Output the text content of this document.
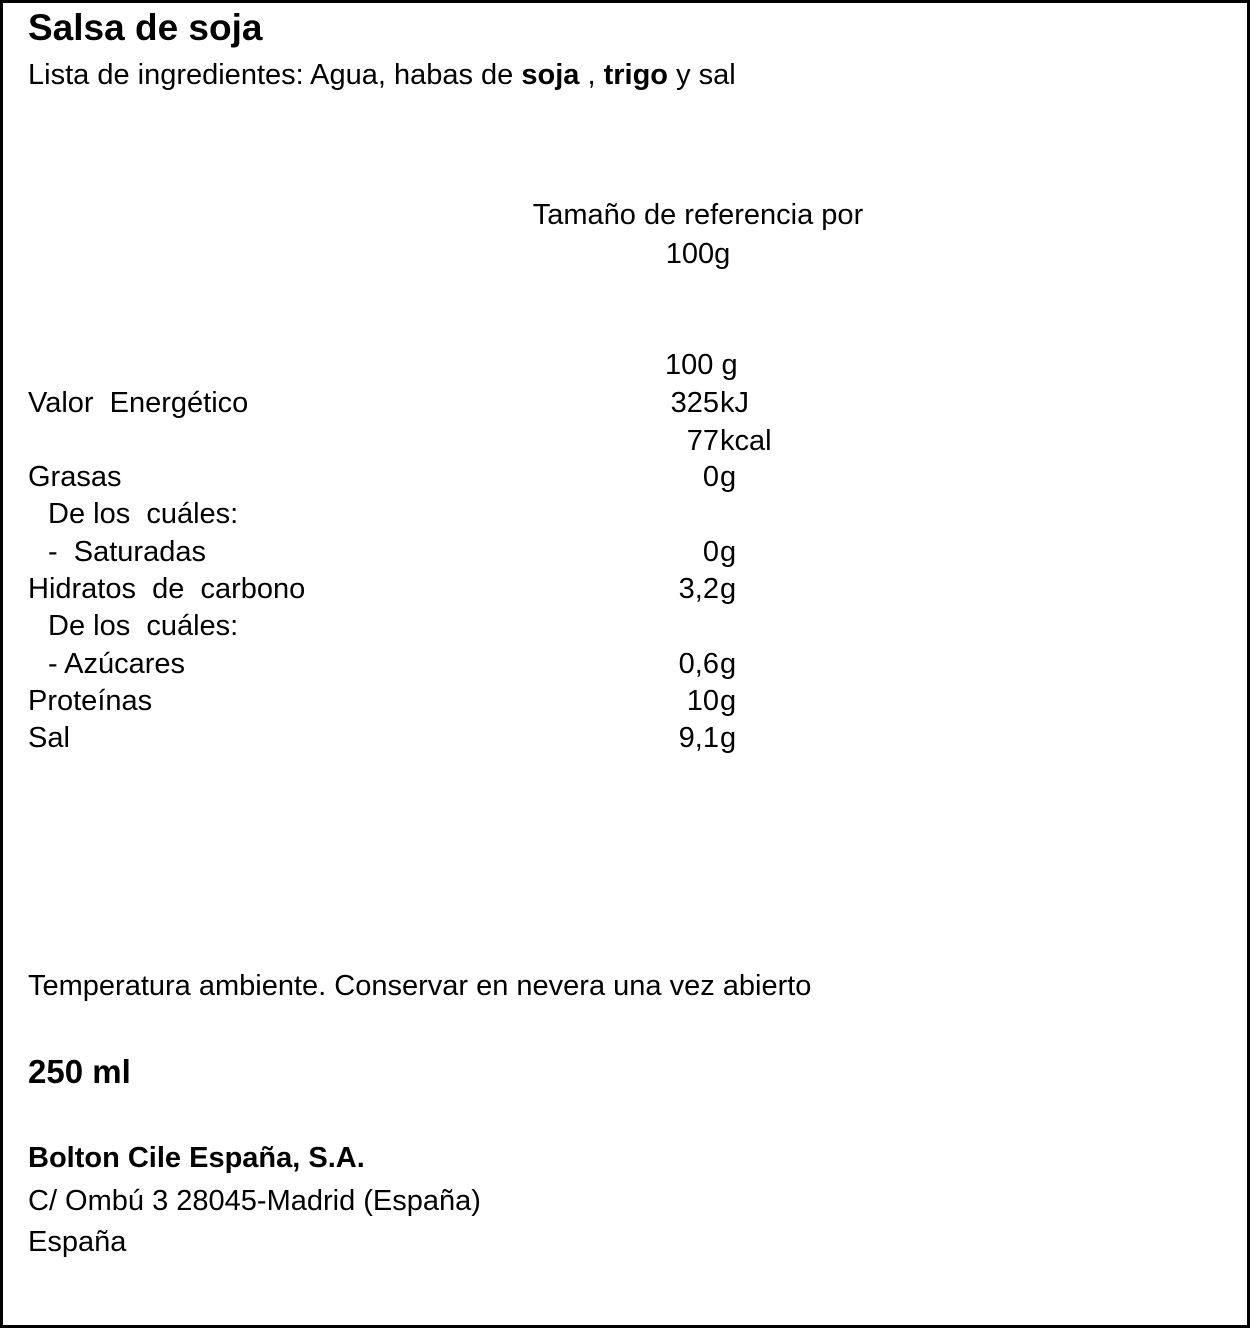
Salsa de soja
Lista de ingredientes: Agua, habas de soja , trigo y sal
Tamaño de referencia por
100g
100 g
Valor  Energético	325 kJ
77 kcal
Grasas	0 g
De los  cuáles:
-  Saturadas	0 g
Hidratos  de  carbono	3,2 g
De los  cuáles:
- Azúcares	0,6 g
Proteínas	10 g
Sal	9,1 g
Temperatura ambiente. Conservar en nevera una vez abierto
250 ml
Bolton Cile España, S.A.
C/ Ombú 3 28045-Madrid (España)
España
